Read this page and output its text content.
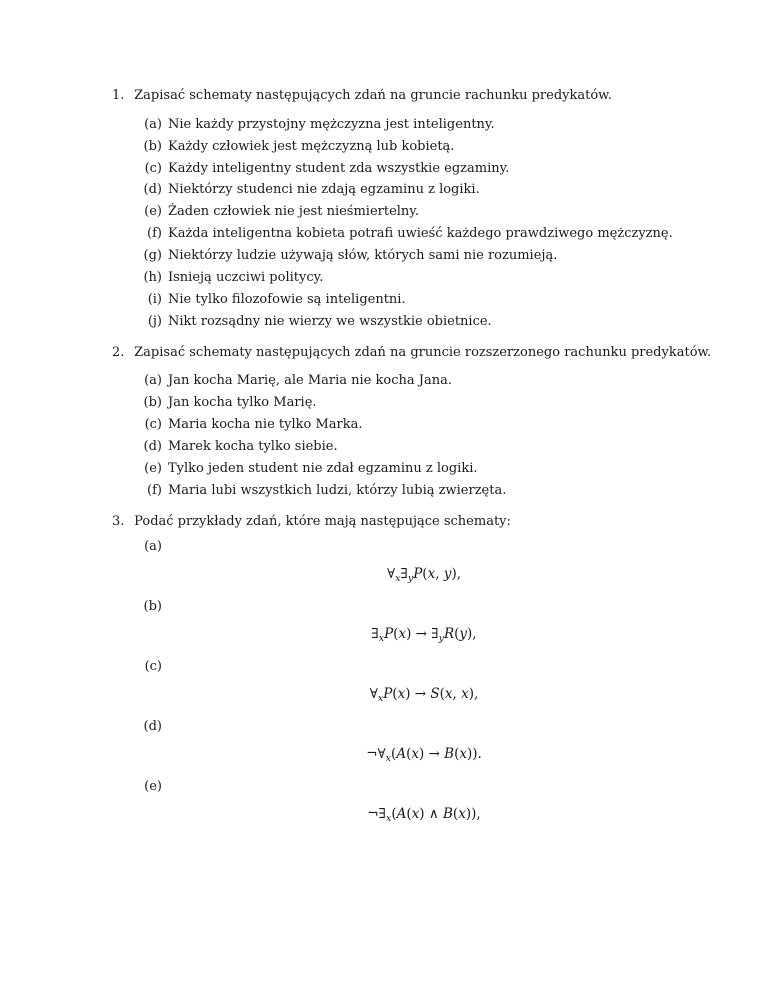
1. Zapisać schematy następujących zdań na gruncie rachunku predykatów.
(a) Nie każdy przystojny mężczyzna jest inteligentny.
(b) Każdy człowiek jest mężczyzną lub kobietą.
(c) Każdy inteligentny student zda wszystkie egzaminy.
(d) Niektórzy studenci nie zdają egzaminu z logiki.
(e) Żaden człowiek nie jest nieśmiertelny.
(f) Każda inteligentna kobieta potrafi uwieść każdego prawdziwego mężczyznę.
(g) Niektórzy ludzie używają słów, których sami nie rozumieją.
(h) Isnieją uczciwi politycy.
(i) Nie tylko filozofowie są inteligentni.
(j) Nikt rozsądny nie wierzy we wszystkie obietnice.
2. Zapisać schematy następujących zdań na gruncie rozszerzonego rachunku predykatów.
(a) Jan kocha Marię, ale Maria nie kocha Jana.
(b) Jan kocha tylko Marię.
(c) Maria kocha nie tylko Marka.
(d) Marek kocha tylko siebie.
(e) Tylko jeden student nie zdał egzaminu z logiki.
(f) Maria lubi wszystkich ludzi, którzy lubią zwierzęta.
3. Podać przykłady zdań, które mają następujące schematy:
(a)
$\forall_x\exists_yP(x$, y),
(b)
$\exists_xP(x)$ → $\exists_yR(y)$,
(c)
$\forall_xP(x) \to S(x$, x),
(d)
$\neg\forall_x(A(x) \to B(x))$.
(e)
$\neg\exists_x(A(x)$ ∧ B(x)),
